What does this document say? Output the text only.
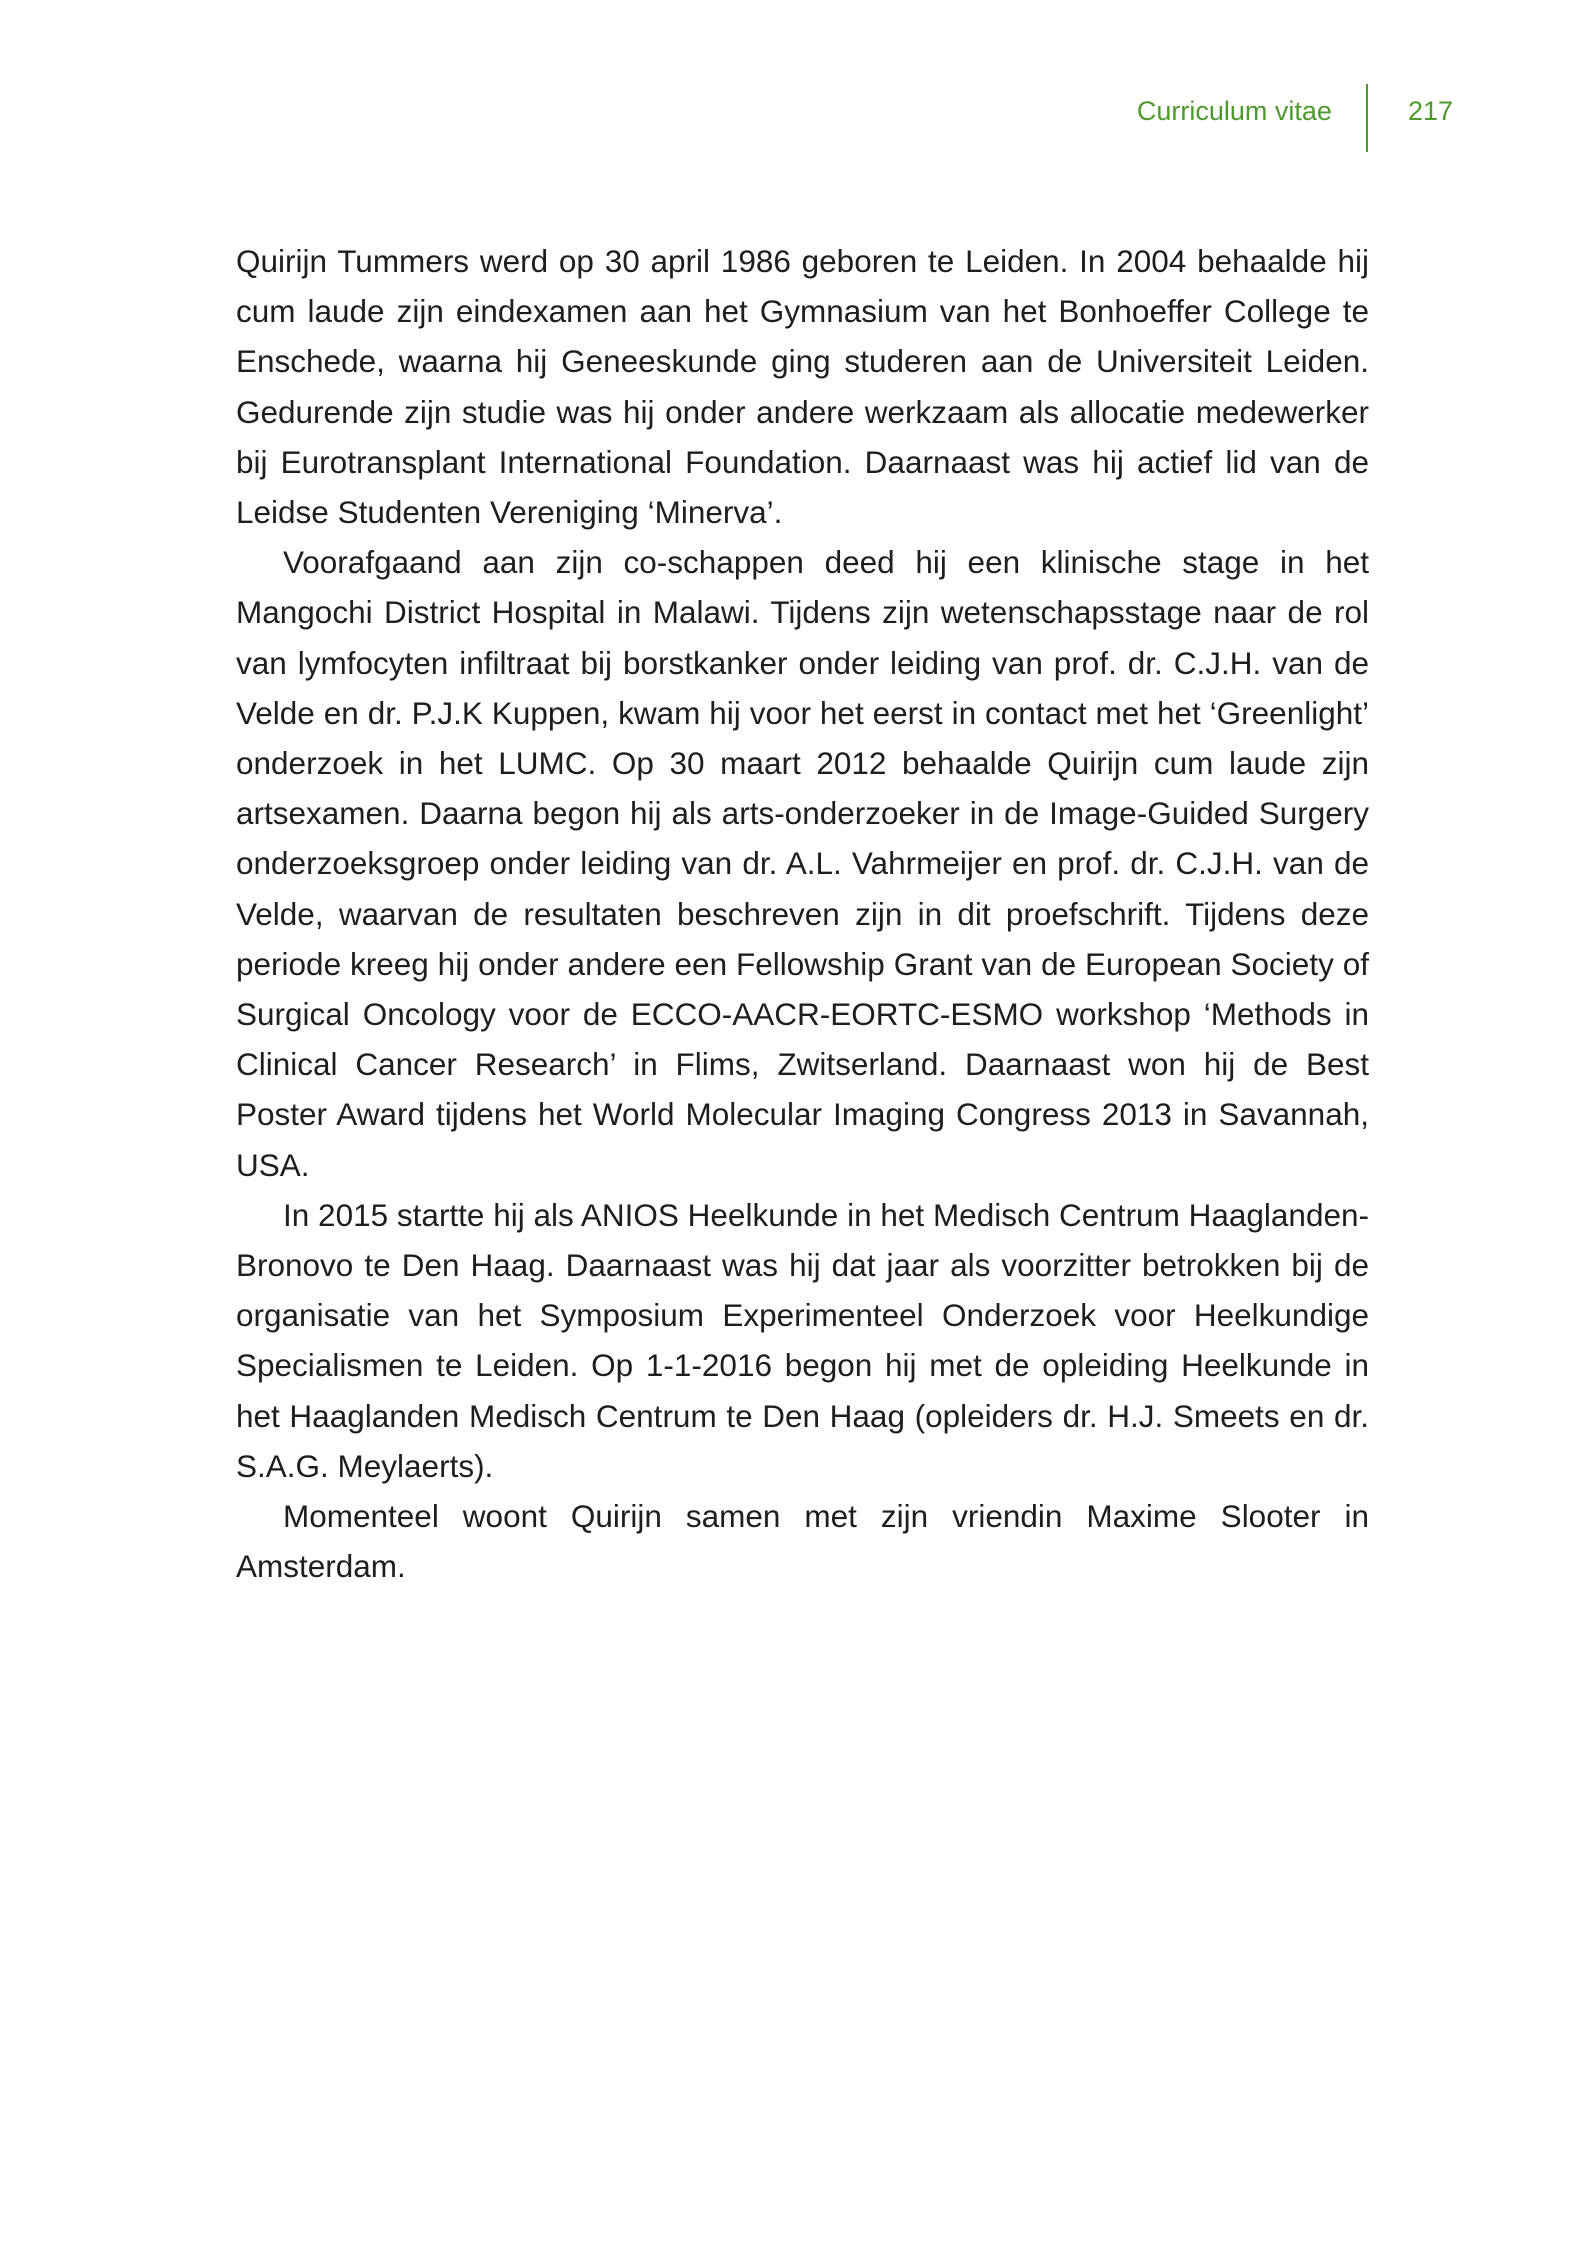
Curriculum vitae	217

Quirijn Tummers werd op 30 april 1986 geboren te Leiden. In 2004 behaalde hij cum laude zijn eindexamen aan het Gymnasium van het Bonhoeffer College te Enschede, waarna hij Geneeskunde ging studeren aan de Universiteit Leiden. Gedurende zijn studie was hij onder andere werkzaam als allocatie medewerker bij Eurotransplant International Foundation. Daarnaast was hij actief lid van de Leidse Studenten Vereniging ‘Minerva’.

Voorafgaand aan zijn co-schappen deed hij een klinische stage in het Mangochi District Hospital in Malawi. Tijdens zijn wetenschapsstage naar de rol van lymfocyten infiltraat bij borstkanker onder leiding van prof. dr. C.J.H. van de Velde en dr. P.J.K Kuppen, kwam hij voor het eerst in contact met het ‘Greenlight’ onderzoek in het LUMC. Op 30 maart 2012 behaalde Quirijn cum laude zijn artsexamen. Daarna begon hij als arts-onderzoeker in de Image-Guided Surgery onderzoeksgroep onder leiding van dr. A.L. Vahrmeijer en prof. dr. C.J.H. van de Velde, waarvan de resultaten beschreven zijn in dit proefschrift. Tijdens deze periode kreeg hij onder andere een Fellowship Grant van de European Society of Surgical Oncology voor de ECCO-AACR-EORTC-ESMO workshop ‘Methods in Clinical Cancer Research’ in Flims, Zwitserland. Daarnaast won hij de Best Poster Award tijdens het World Molecular Imaging Congress 2013 in Savannah, USA.

In 2015 startte hij als ANIOS Heelkunde in het Medisch Centrum Haaglanden-Bronovo te Den Haag. Daarnaast was hij dat jaar als voorzitter betrokken bij de organisatie van het Symposium Experimenteel Onderzoek voor Heelkundige Specialismen te Leiden. Op 1-1-2016 begon hij met de opleiding Heelkunde in het Haaglanden Medisch Centrum te Den Haag (opleiders dr. H.J. Smeets en dr. S.A.G. Meylaerts).

Momenteel woont Quirijn samen met zijn vriendin Maxime Slooter in Amsterdam.
